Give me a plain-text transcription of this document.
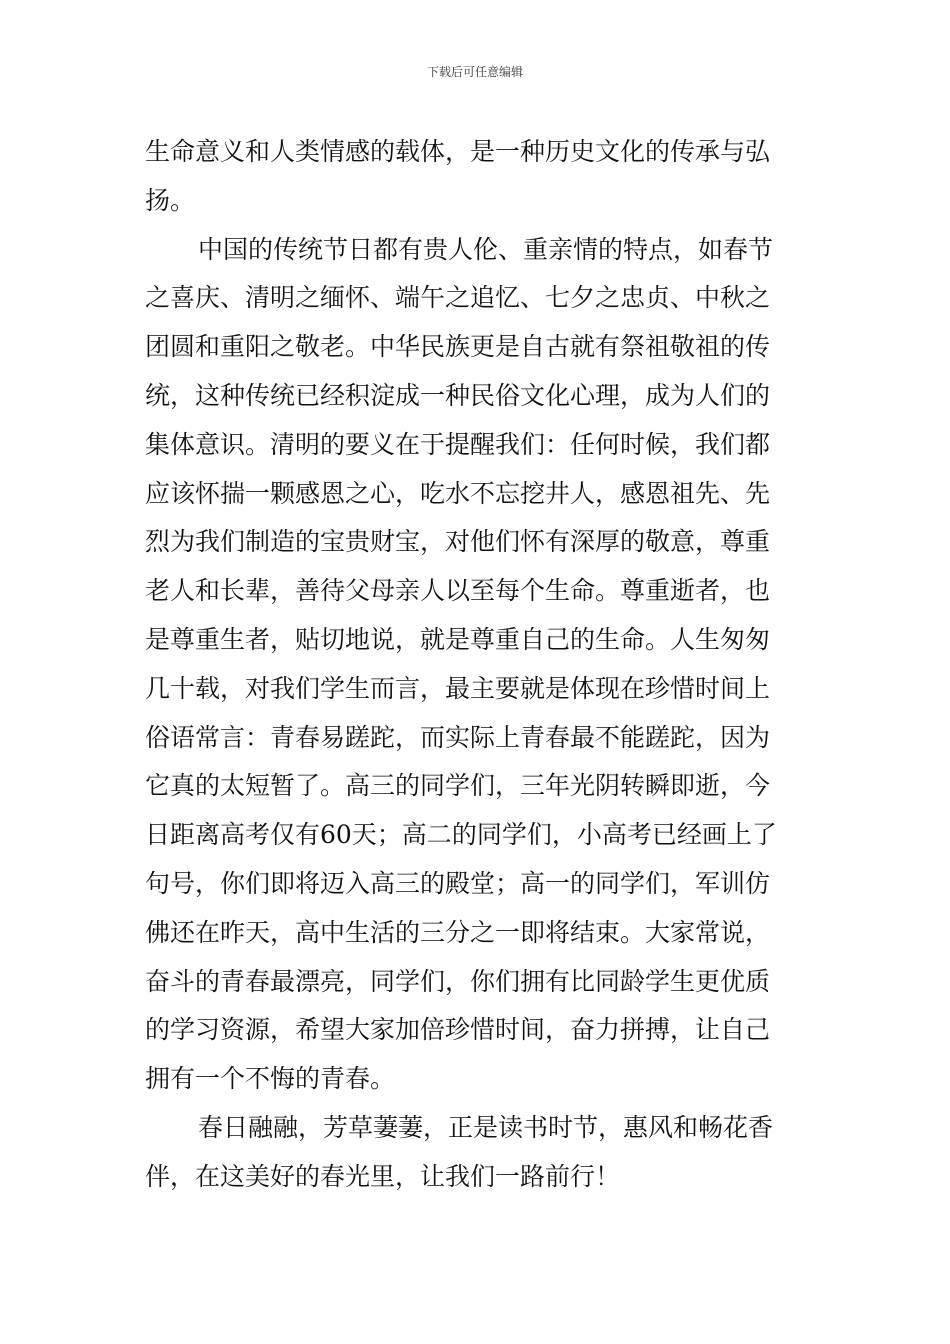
下载后可任意编辑
生命意义和人类情感的载体，是一种历史文化的传承与弘
扬。
中国的传统节日都有贵人伦、重亲情的特点，如春节
之喜庆、清明之缅怀、端午之追忆、七夕之忠贞、中秋之
团圆和重阳之敬老。中华民族更是自古就有祭祖敬祖的传
统，这种传统已经积淀成一种民俗文化心理，成为人们的
集体意识。清明的要义在于提醒我们：任何时候，我们都
应该怀揣一颗感恩之心，吃水不忘挖井人，感恩祖先、先
烈为我们制造的宝贵财宝，对他们怀有深厚的敬意，尊重
老人和长辈，善待父母亲人以至每个生命。尊重逝者，也
是尊重生者，贴切地说，就是尊重自己的生命。人生匆匆
几十载，对我们学生而言，最主要就是体现在珍惜时间上
俗语常言：青春易蹉跎，而实际上青春最不能蹉跎，因为
它真的太短暂了。高三的同学们，三年光阴转瞬即逝，今
日距离高考仅有60天；高二的同学们，小高考已经画上了
句号，你们即将迈入高三的殿堂；高一的同学们，军训仿
佛还在昨天，高中生活的三分之一即将结束。大家常说，
奋斗的青春最漂亮，同学们，你们拥有比同龄学生更优质
的学习资源，希望大家加倍珍惜时间，奋力拼搏，让自己
拥有一个不悔的青春。
春日融融，芳草萋萋，正是读书时节，惠风和畅花香
伴，在这美好的春光里，让我们一路前行！
